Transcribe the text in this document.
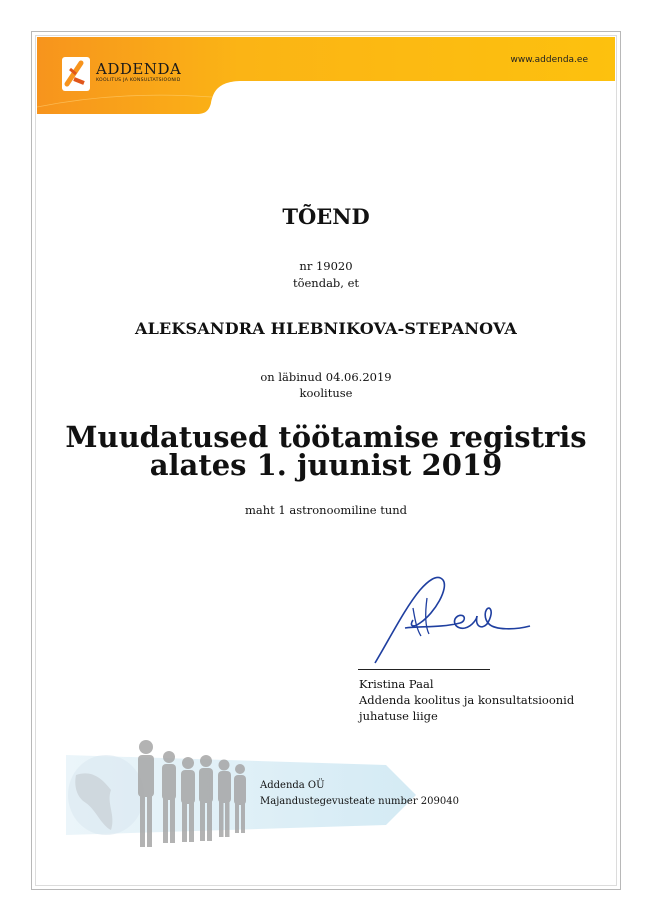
ADDENDA
KOOLITUS JA KONSULTATSIOONID
www.addenda.ee
TÕEND
nr 19020
tõendab, et
ALEKSANDRA HLEBNIKOVA-STEPANOVA
on läbinud 04.06.2019
koolituse
Muudatused töötamise registris
alates 1. juunist 2019
maht 1 astronoomiline tund
Kristina Paal
Addenda koolitus ja konsultatsioonid
juhatuse liige
Addenda OÜ
Majandustegevusteate number 209040
